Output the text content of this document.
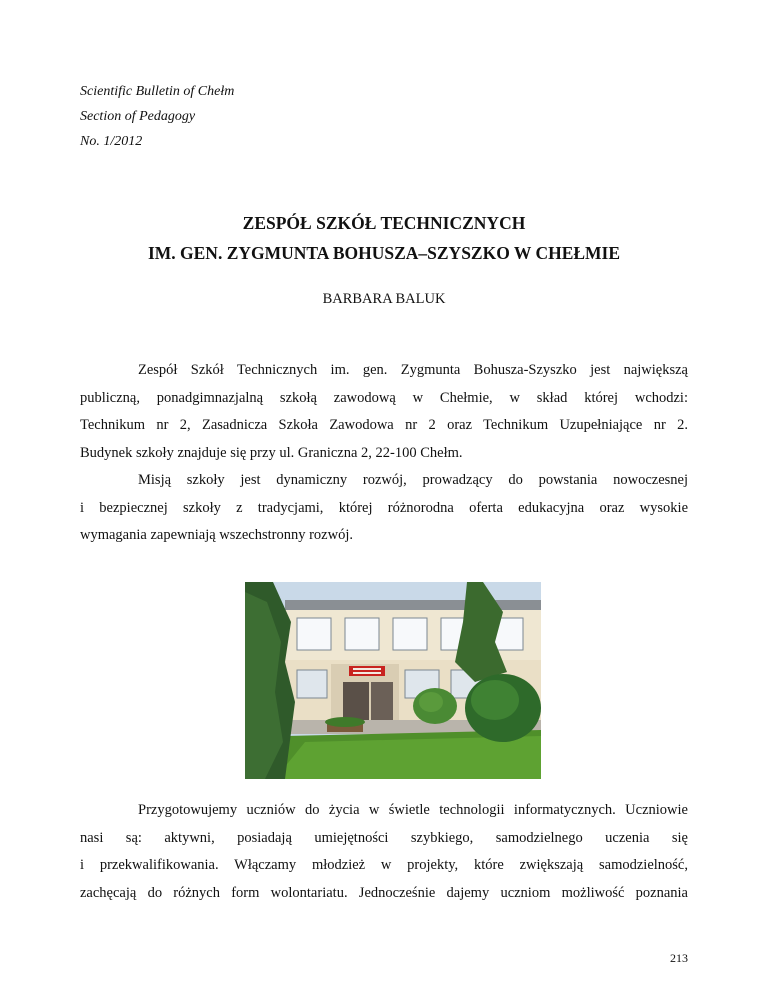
Scientific Bulletin of Chełm
Section of Pedagogy
No. 1/2012
ZESPÓŁ SZKÓŁ TECHNICZNYCH
IM. GEN. ZYGMUNTA BOHUSZA–SZYSZKO W CHEŁMIE
BARBARA BALUK

Zespół Szkół Technicznych im. gen. Zygmunta Bohusza-Szyszko jest największą
publiczną, ponadgimnazjalną szkołą zawodową w Chełmie, w skład której wchodzi:
Technikum nr 2, Zasadnicza Szkoła Zawodowa nr 2 oraz Technikum Uzupełniające nr 2.
Budynek szkoły znajduje się przy ul. Graniczna 2, 22-100 Chełm.

Misją szkoły jest dynamiczny rozwój, prowadzący do powstania nowoczesnej
i bezpiecznej szkoły z tradycjami, której różnorodna oferta edukacyjna oraz wysokie
wymagania zapewniają wszechstronny rozwój.

Przygotowujemy uczniów do życia w świetle technologii informatycznych. Uczniowie
nasi są: aktywni, posiadają umiejętności szybkiego, samodzielnego uczenia się
i przekwalifikowania. Włączamy młodzież w projekty, które zwiększają samodzielność,
zachęcają do różnych form wolontariatu. Jednocześnie dajemy uczniom możliwość poznania

213
